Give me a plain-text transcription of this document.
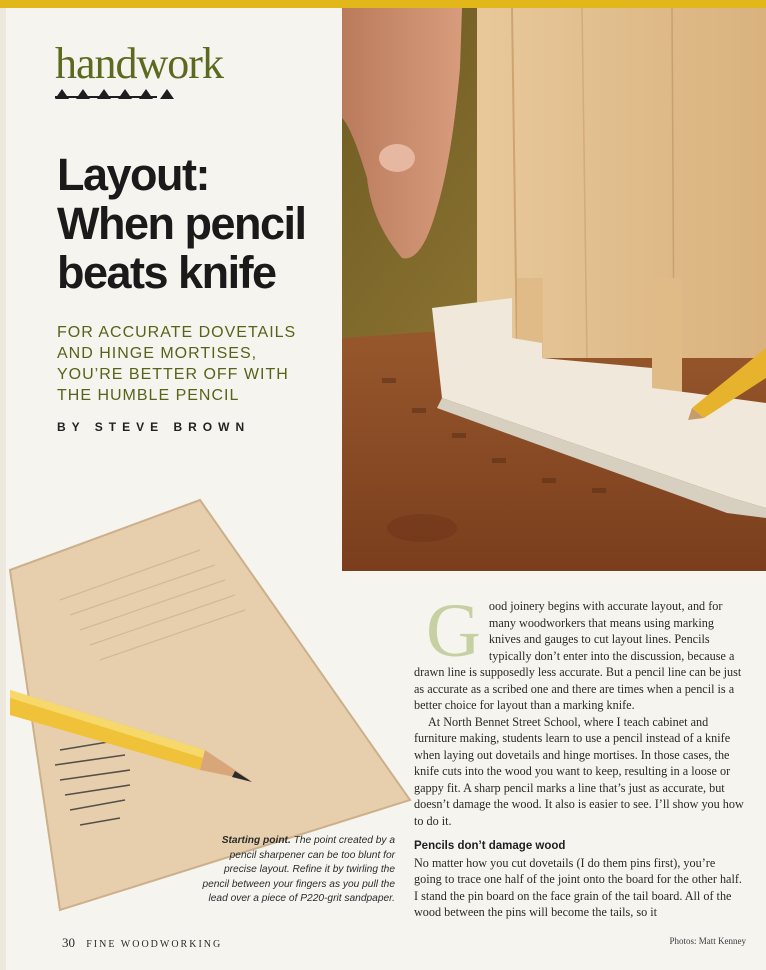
handwork
Layout:
When pencil
beats knife
FOR ACCURATE DOVETAILS
AND HINGE MORTISES,
YOU’RE BETTER OFF WITH
THE HUMBLE PENCIL
BY STEVE BROWN
Starting point. The point created by a pencil sharpener can be too blunt for precise layout. Refine it by twirling the pencil between your fingers as you pull the lead over a piece of P220-grit sandpaper.
G ood joinery begins with accurate layout, and for many woodworkers that means using marking knives and gauges to cut layout lines. Pencils typically don’t enter into the discussion, because a drawn line is supposedly less accurate. But a pencil line can be just as accurate as a scribed one and there are times when a pencil is a better choice for layout than a marking knife.

At North Bennet Street School, where I teach cabinet and furniture making, students learn to use a pencil instead of a knife when laying out dovetails and hinge mortises. In those cases, the knife cuts into the wood you want to keep, resulting in a loose or gappy fit. A sharp pencil marks a line that’s just as accurate, but doesn’t damage the wood. It also is easier to see. I’ll show you how to do it.

Pencils don’t damage wood

No matter how you cut dovetails (I do them pins first), you’re going to trace one half of the joint onto the board for the other half. I stand the pin board on the face grain of the tail board. All of the wood between the pins will become the tails, so it

30 FINE WOODWORKING	Photos: Matt Kenney
